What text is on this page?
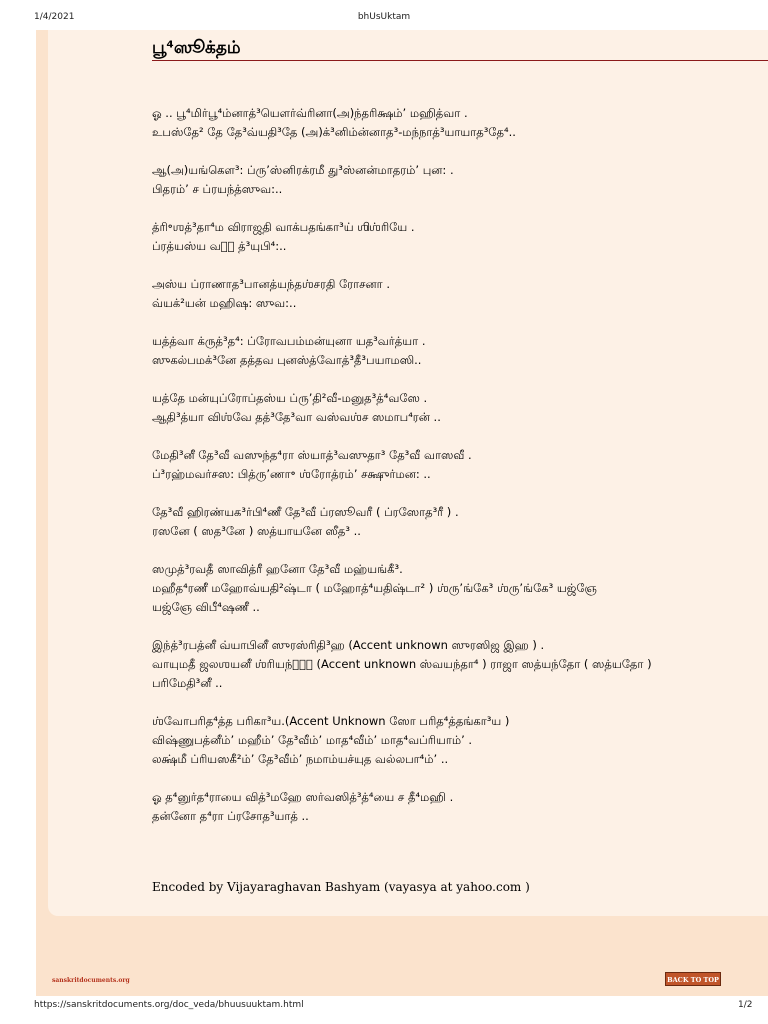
1/4/2021	bhUsUktam
பூ⁴ஸூக்தம்
ஓ .. பூ⁴மிர்பூ⁴ம்னாத்³யௌர்வ்ரினா(அ)ந்தரிக்ஷம்’ மஹித்வா .
உபஸ்தே² தே தே³வ்யதி³தே (அ)க்³னிம்ன்னாத³-மந்நாத்³யாயாத³தே⁴..
ஆ(அ)யங்கௌ³: ப்ரு’ஸ்னிரக்ரமீ து³ஸ்னன்மாதரம்’ புன꞉ .
பிதரம்’ ச ப்ரயந்த்ஸுவ꞉..
த்ரி॰ஶத்³தா⁴ம விராஜதி வாக்பதங்கா³ய் ஶிஶ்ரியே .
ப்ரத்யஸ்ய வஹ॒ த்³யுபி⁴꞉..
அஸ்ய ப்ராணாத³பானத்யந்தஶ்சரதி ரோசனா .
வ்யக்²யன் மஹிஷ꞉ ஸுவ꞉..
யத்த்வா க்ருத்³த⁴꞉ ப்ரோவபம்மன்யுனா யத³வர்த்யா .
ஸுகல்பமக்³னே தத்தவ புனஸ்த்வோத்³தீ³பயாமஸி..
யத்தே மன்யுப்ரோப்தஸ்ய ப்ரு’தி²வீ-மனுத³த்⁴வஸே .
ஆதி³த்யா விஶ்வே தத்³தே³வா வஸ்வஶ்ச ஸமாப⁴ரன் ..
மேதி³னீ தே³வீ வஸுந்த⁴ரா ஸ்யாத்³வஸுதா³ தே³வீ வாஸவீ .
ப்³ரஹ்மவர்சஸ꞉ பித்ரு’ணா॰ ஶ்ரோத்ரம்’ சக்ஷுர்மன꞉ ..
தே³வீ ஹிரண்யக³ர்பி⁴ணீ தே³வீ ப்ரஸூவரீ ( ப்ரஸோத³ரீ ) .
ரஸனே ( ஸத³னே ) ஸத்யாயனே ஸீத³ ..
ஸமுத்³ரவதீ ஸாவித்ரீ ஹனோ தே³வீ மஹ்யங்கீ³.
மஹீத⁴ரணீ மஹோவ்யதி²ஷ்டா ( மஹோத்⁴யதிஷ்டா² ) ஶ்ரு’ங்கே³ ஶ்ரு’ங்கே³ யஜ்ஞே
யஜ்ஞே விபீ⁴ஷணீ ..
இந்த்³ரபத்னீ வ்யாபினீ ஸுரஸ்ரிதி³ஹ (Accent unknown ஸுரஸிஜ இஹ ) .
வாயுமதீ ஜலஶயனீ ஶ்ரியந்தா॒ (Accent unknown ஸ்வயந்தா⁴ ) ராஜா ஸத்யந்தோ ( ஸத்யதோ )
பரிமேதி³னீ ..
ஶ்வோபரித⁴த்த பரிகா³ய.(Accent Unknown ஸோ பரித⁴த்தங்கா³ய )
விஷ்ணுபத்னீம்’ மஹீம்’ தே³வீம்’ மாத⁴வீம்’ மாத⁴வப்ரியாம்’ .
லக்ஷ்மீ ப்ரியஸகீ²ம்’ தே³வீம்’ நமாம்யச்யுத வல்லபா⁴ம்’ ..
ஓ த⁴னுர்த⁴ராயை வித்³மஹே ஸர்வஸித்³த்⁴யை ச தீ⁴மஹி .
தன்னோ த⁴ரா ப்ரசோத³யாத் ..
Encoded by Vijayaraghavan Bashyam (vayasya at yahoo.com )
sanskritdocuments.org	BACK TO TOP
https://sanskritdocuments.org/doc_veda/bhuusuuktam.html	1/2
